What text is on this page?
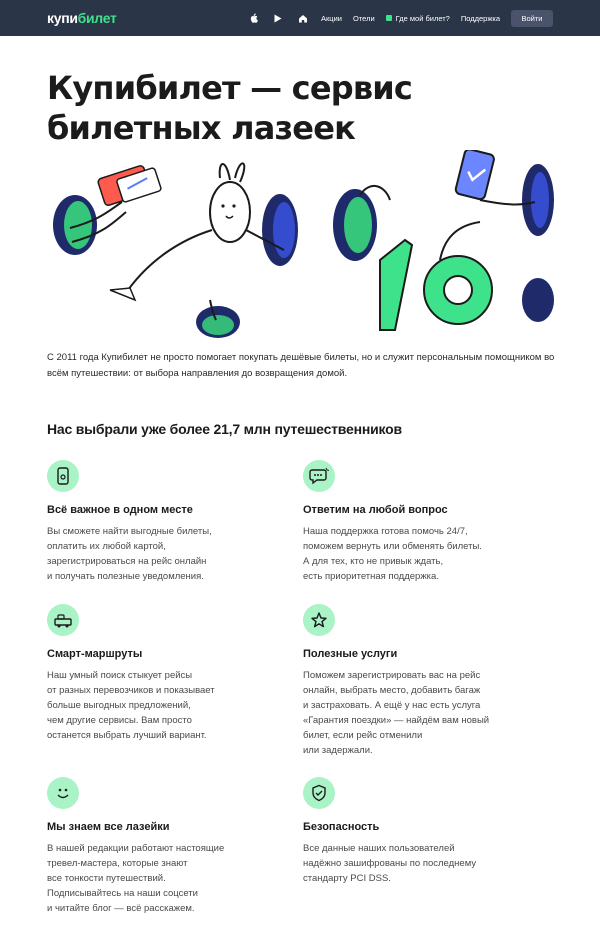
купи билет	Акции Отели	Где мой билет? Поддержка	Войти
Купибилет — сервис билетных лазеек

С 2011 года Купибилет не просто помогает покупать дешёвые билеты, но и служит персональным помощником во всём путешествии: от выбора направления до возвращения домой.

Нас выбрали уже более 21,7 млн путешественников
Всё важное в одном месте
Вы сможете найти выгодные билеты,
оплатить их любой картой,
зарегистрироваться на рейс онлайн
и получать полезные уведомления.
Ответим на любой вопрос
Наша поддержка готова помочь 24/7,
поможем вернуть или обменять билеты.
А для тех, кто не привык ждать,
есть приоритетная поддержка.
Смарт-маршруты
Наш умный поиск стыкует рейсы
от разных перевозчиков и показывает
больше выгодных предложений,
чем другие сервисы. Вам просто
останется выбрать лучший вариант.
Полезные услуги
Поможем зарегистрировать вас на рейс
онлайн, выбрать место, добавить багаж
и застраховать. А ещё у нас есть услуга
«Гарантия поездки» — найдём вам новый
билет, если рейс отменили
или задержали.
Мы знаем все лазейки
В нашей редакции работают настоящие
тревел-мастера, которые знают
все тонкости путешествий.
Подписывайтесь на наши соцсети
и читайте блог — всё расскажем.
Безопасность
Все данные наших пользователей
надёжно зашифрованы по последнему
стандарту PCI DSS.
